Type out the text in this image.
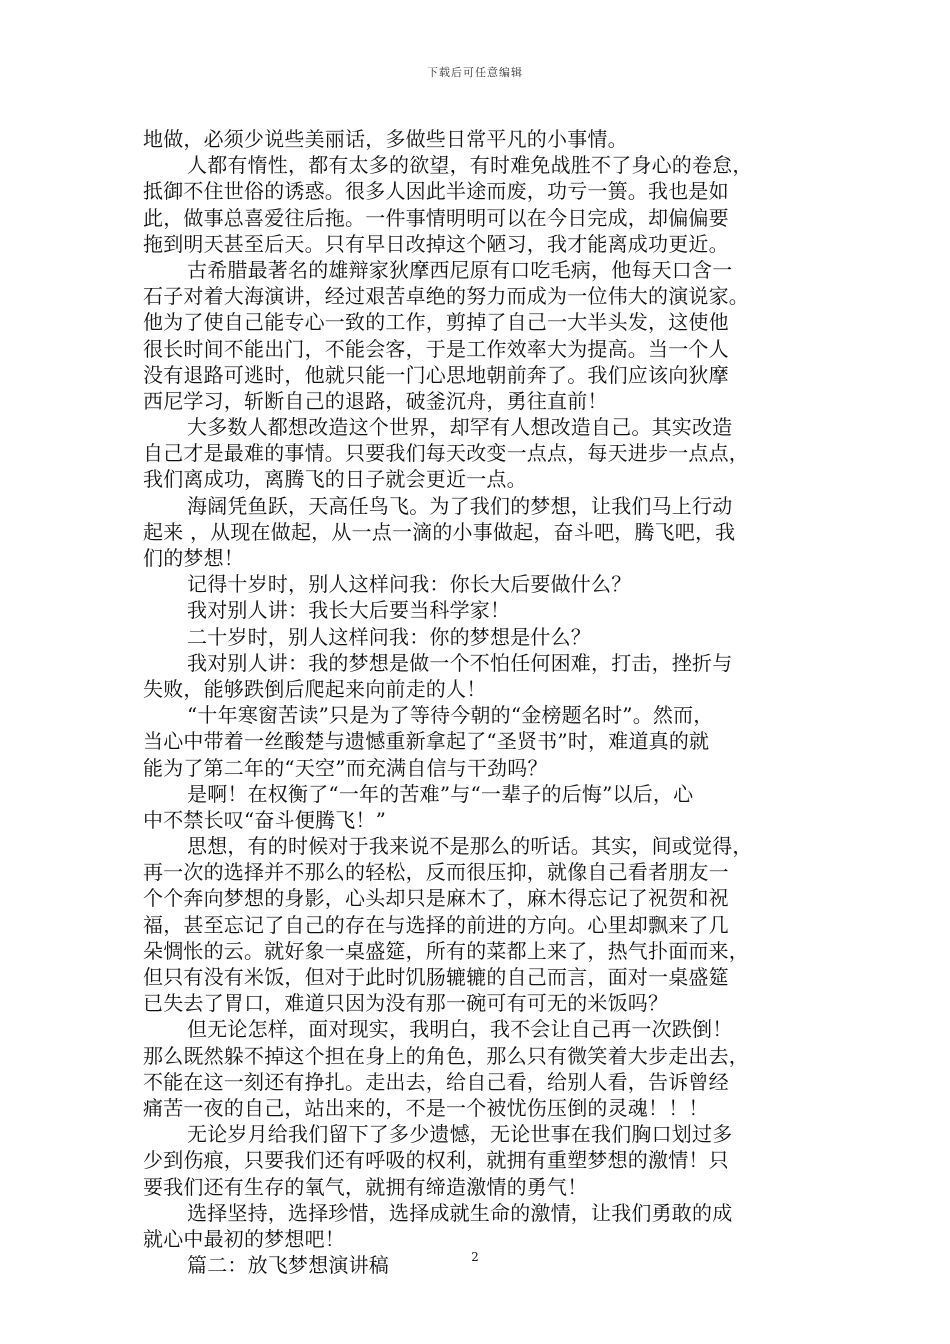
下载后可任意编辑
地做，必须少说些美丽话，多做些日常平凡的小事情。
人都有惰性，都有太多的欲望，有时难免战胜不了身心的卷怠，
抵御不住世俗的诱惑。很多人因此半途而废，功亏一篑。我也是如
此，做事总喜爱往后拖。一件事情明明可以在今日完成，却偏偏要
拖到明天甚至后天。只有早日改掉这个陋习，我才能离成功更近。
古希腊最著名的雄辩家狄摩西尼原有口吃毛病，他每天口含一
石子对着大海演讲，经过艰苦卓绝的努力而成为一位伟大的演说家。
他为了使自己能专心一致的工作，剪掉了自己一大半头发，这使他
很长时间不能出门，不能会客，于是工作效率大为提高。当一个人
没有退路可逃时，他就只能一门心思地朝前奔了。我们应该向狄摩
西尼学习，斩断自己的退路，破釜沉舟，勇往直前！
大多数人都想改造这个世界，却罕有人想改造自己。其实改造
自己才是最难的事情。只要我们每天改变一点点，每天进步一点点，
我们离成功，离腾飞的日子就会更近一点。
海阔凭鱼跃，天高任鸟飞。为了我们的梦想，让我们马上行动
起来 ，从现在做起，从一点一滴的小事做起，奋斗吧，腾飞吧，我
们的梦想！
记得十岁时，别人这样问我：你长大后要做什么？
我对别人讲：我长大后要当科学家！
二十岁时，别人这样问我：你的梦想是什么？
我对别人讲：我的梦想是做一个不怕任何困难，打击，挫折与
失败，能够跌倒后爬起来向前走的人！
“十年寒窗苦读”只是为了等待今朝的“金榜题名时”。然而，
当心中带着一丝酸楚与遗憾重新拿起了“圣贤书”时，难道真的就
能为了第二年的“天空”而充满自信与干劲吗？
是啊！在权衡了“一年的苦难”与“一辈子的后悔”以后，心
中不禁长叹“奋斗便腾飞！”
思想，有的时候对于我来说不是那么的听话。其实，间或觉得，
再一次的选择并不那么的轻松，反而很压抑，就像自己看者朋友一
个个奔向梦想的身影，心头却只是麻木了，麻木得忘记了祝贺和祝
福，甚至忘记了自己的存在与选择的前进的方向。心里却飘来了几
朵惆怅的云。就好象一桌盛筵，所有的菜都上来了，热气扑面而来，
但只有没有米饭，但对于此时饥肠辘辘的自己而言，面对一桌盛筵
已失去了胃口，难道只因为没有那一碗可有可无的米饭吗？
但无论怎样，面对现实，我明白，我不会让自己再一次跌倒！
那么既然躲不掉这个担在身上的角色，那么只有微笑着大步走出去，
不能在这一刻还有挣扎。走出去，给自己看，给别人看，告诉曾经
痛苦一夜的自己，站出来的，不是一个被忧伤压倒的灵魂！！！
无论岁月给我们留下了多少遗憾，无论世事在我们胸口划过多
少到伤痕，只要我们还有呼吸的权利，就拥有重塑梦想的激情！只
要我们还有生存的氧气，就拥有缔造激情的勇气！
选择坚持，选择珍惜，选择成就生命的激情，让我们勇敢的成
就心中最初的梦想吧！
篇二：放飞梦想演讲稿	2
